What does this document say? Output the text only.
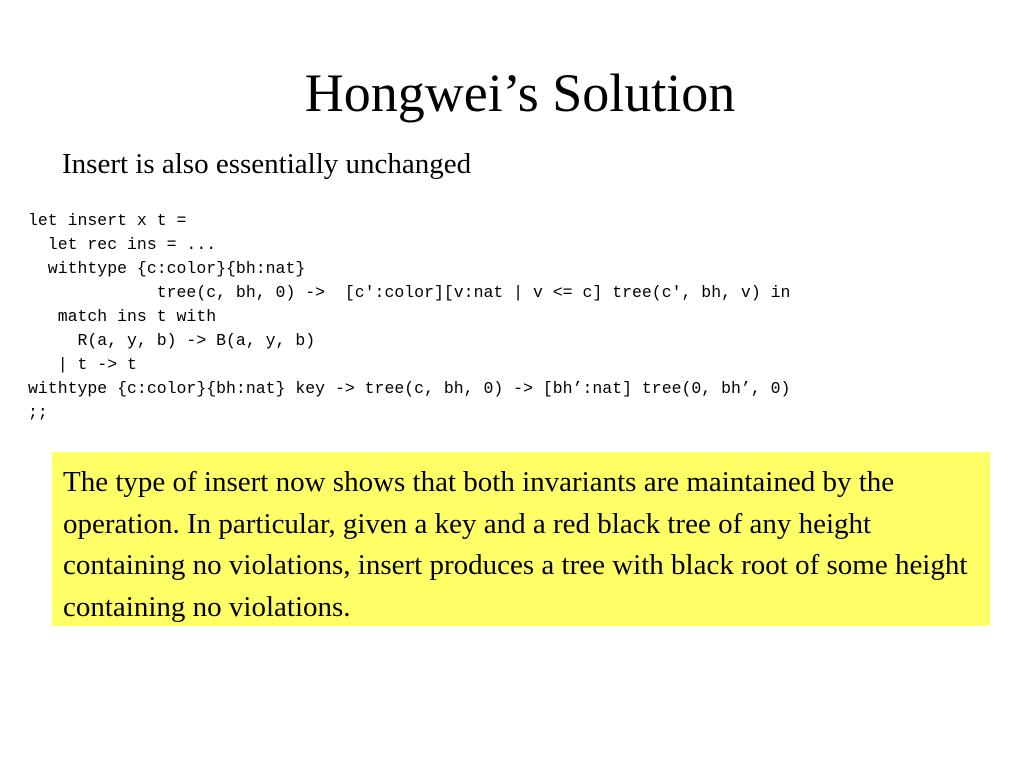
Hongwei’s Solution

Insert is also essentially unchanged

let insert x t =
let rec ins = ...
withtype {c:color}{bh:nat}
tree(c, bh, 0) ->  [c':color][v:nat | v <= c] tree(c', bh, v) in
match ins t with
R(a, y, b) -> B(a, y, b)
| t -> t
withtype {c:color}{bh:nat} key -> tree(c, bh, 0) -> [bh’:nat] tree(0, bh’, 0)
;;

The type of insert now shows that both invariants are maintained by the operation. In particular, given a key and a red black tree of any height containing no violations, insert produces a tree with black root of some height containing no violations.
